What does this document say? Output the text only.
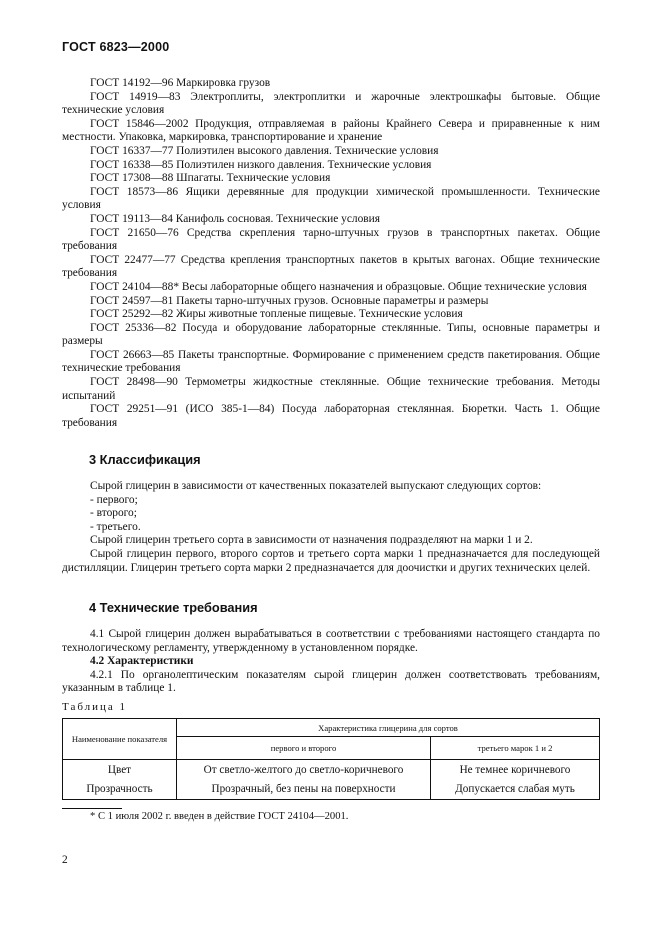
ГОСТ 6823—2000

ГОСТ 14192—96 Маркировка грузов

ГОСТ 14919—83 Электроплиты, электроплитки и жарочные электрошкафы бытовые. Общие технические условия

ГОСТ 15846—2002 Продукция, отправляемая в районы Крайнего Севера и приравненные к ним местности. Упаковка, маркировка, транспортирование и хранение

ГОСТ 16337—77 Полиэтилен высокого давления. Технические условия

ГОСТ 16338—85 Полиэтилен низкого давления. Технические условия

ГОСТ 17308—88 Шпагаты. Технические условия

ГОСТ 18573—86 Ящики деревянные для продукции химической промышленности. Технические условия

ГОСТ 19113—84 Канифоль сосновая. Технические условия

ГОСТ 21650—76 Средства скрепления тарно-штучных грузов в транспортных пакетах. Общие требования

ГОСТ 22477—77 Средства крепления транспортных пакетов в крытых вагонах. Общие технические требования

ГОСТ 24104—88* Весы лабораторные общего назначения и образцовые. Общие технические условия

ГОСТ 24597—81 Пакеты тарно-штучных грузов. Основные параметры и размеры

ГОСТ 25292—82 Жиры животные топленые пищевые. Технические условия

ГОСТ 25336—82 Посуда и оборудование лабораторные стеклянные. Типы, основные параметры и размеры

ГОСТ 26663—85 Пакеты транспортные. Формирование с применением средств пакетирования. Общие технические требования

ГОСТ 28498—90 Термометры жидкостные стеклянные. Общие технические требования. Методы испытаний

ГОСТ 29251—91 (ИСО 385-1—84) Посуда лабораторная стеклянная. Бюретки. Часть 1. Общие требования

3 Классификация

Сырой глицерин в зависимости от качественных показателей выпускают следующих сортов:

- первого;

- второго;

- третьего.

Сырой глицерин третьего сорта в зависимости от назначения подразделяют на марки 1 и 2.

Сырой глицерин первого, второго сортов и третьего сорта марки 1 предназначается для последующей дистилляции. Глицерин третьего сорта марки 2 предназначается для доочистки и других технических целей.

4 Технические требования

4.1 Сырой глицерин должен вырабатываться в соответствии с требованиями настоящего стандарта по технологическому регламенту, утвержденному в установленном порядке.

4.2 Характеристики

4.2.1 По органолептическим показателям сырой глицерин должен соответствовать требованиям, указанным в таблице 1.

Таблица 1
Наименование показателя	Характеристика глицерина для сортов	
	первого и второго	третьего марок 1 и 2
Цвет	От светло-желтого до светло-коричневого	Не темнее коричневого
Прозрачность	Прозрачный, без пены на поверхности	Допускается слабая муть
* С 1 июля 2002 г. введен в действие ГОСТ 24104—2001.
2
